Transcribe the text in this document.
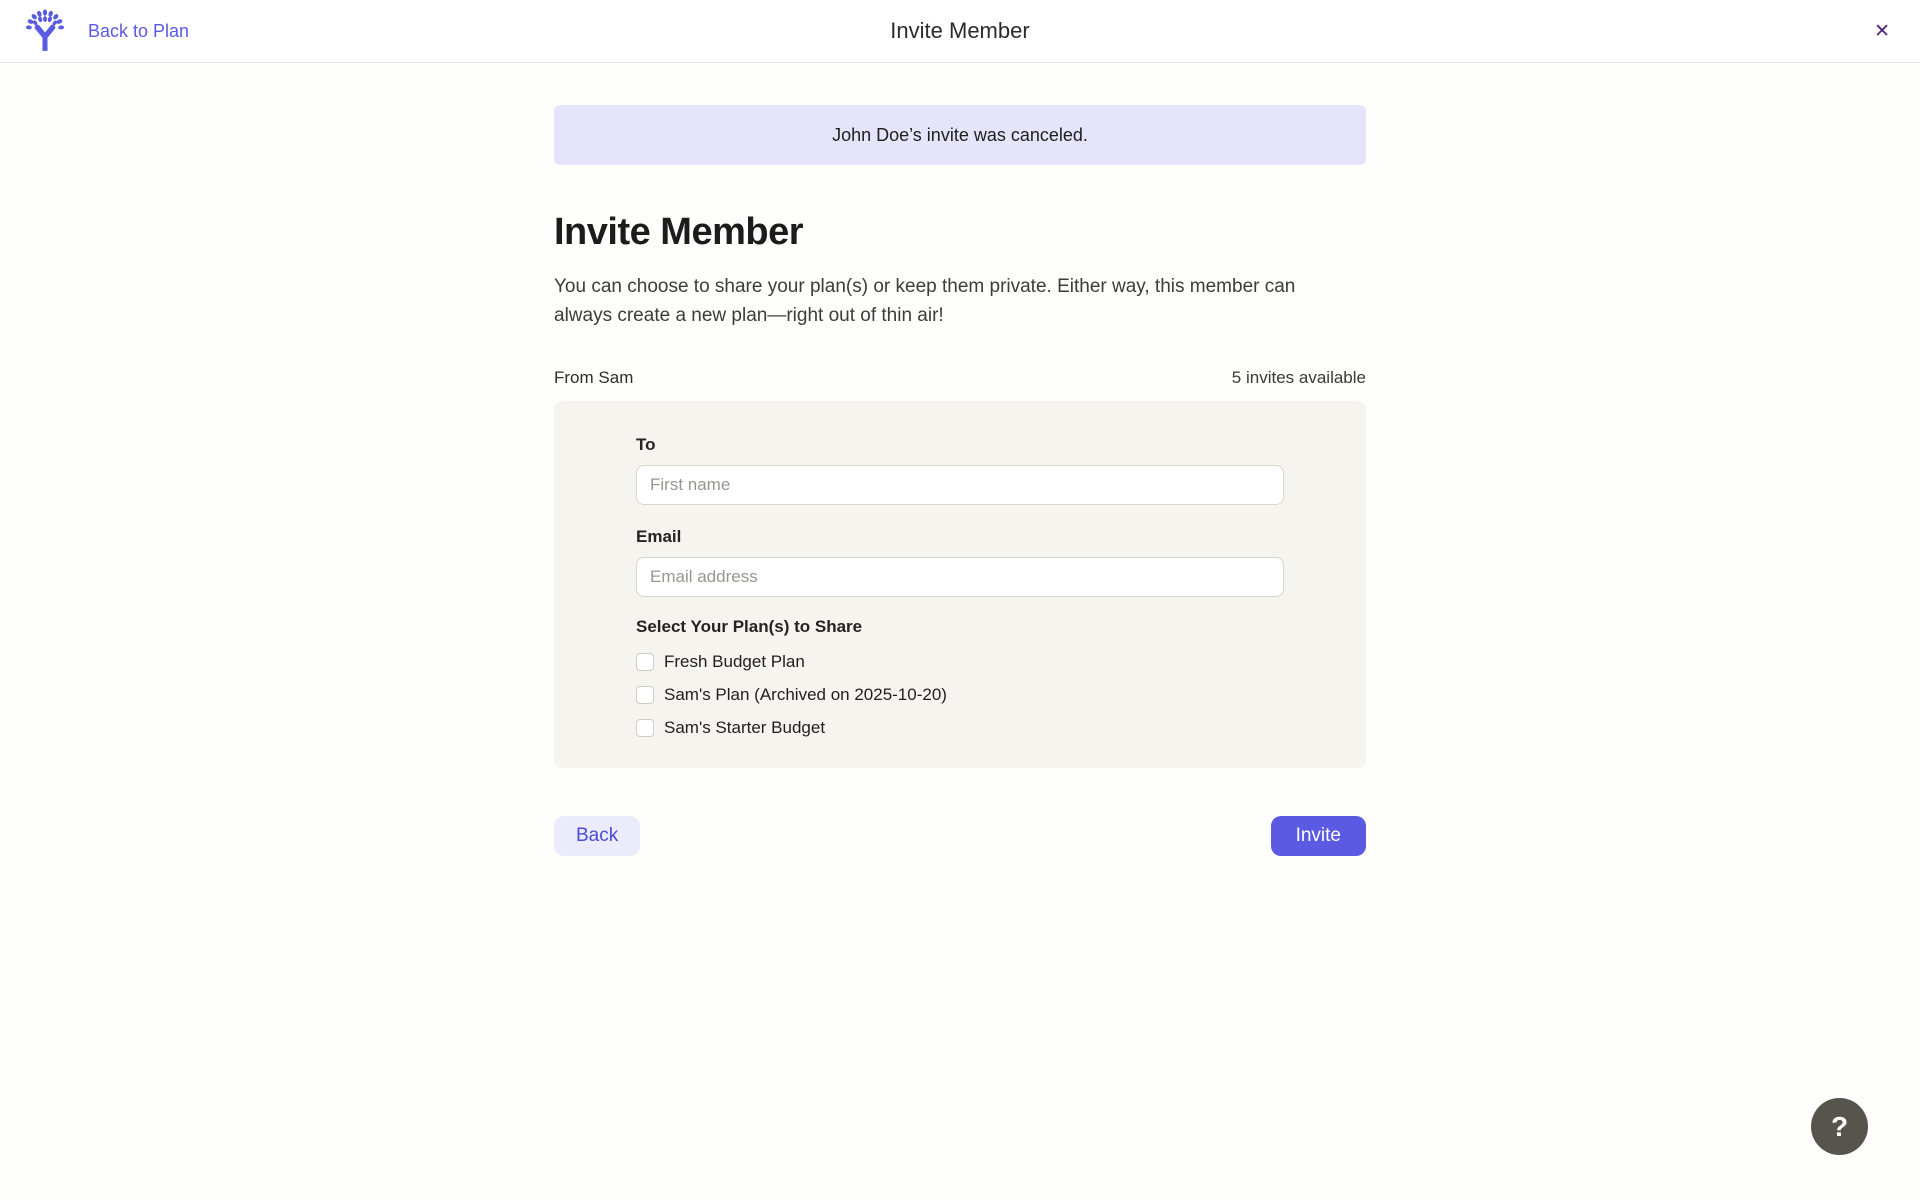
Back to Plan	Invite Member	✕
John Doe’s invite was canceled.
Invite Member

You can choose to share your plan(s) or keep them private. Either way, this member can always create a new plan—right out of thin air!

From Sam	5 invites available
To
First name
Email
Email address
Select Your Plan(s) to Share
Fresh Budget Plan
Sam's Plan (Archived on 2025-10-20)
Sam's Starter Budget
Back	Invite
?
